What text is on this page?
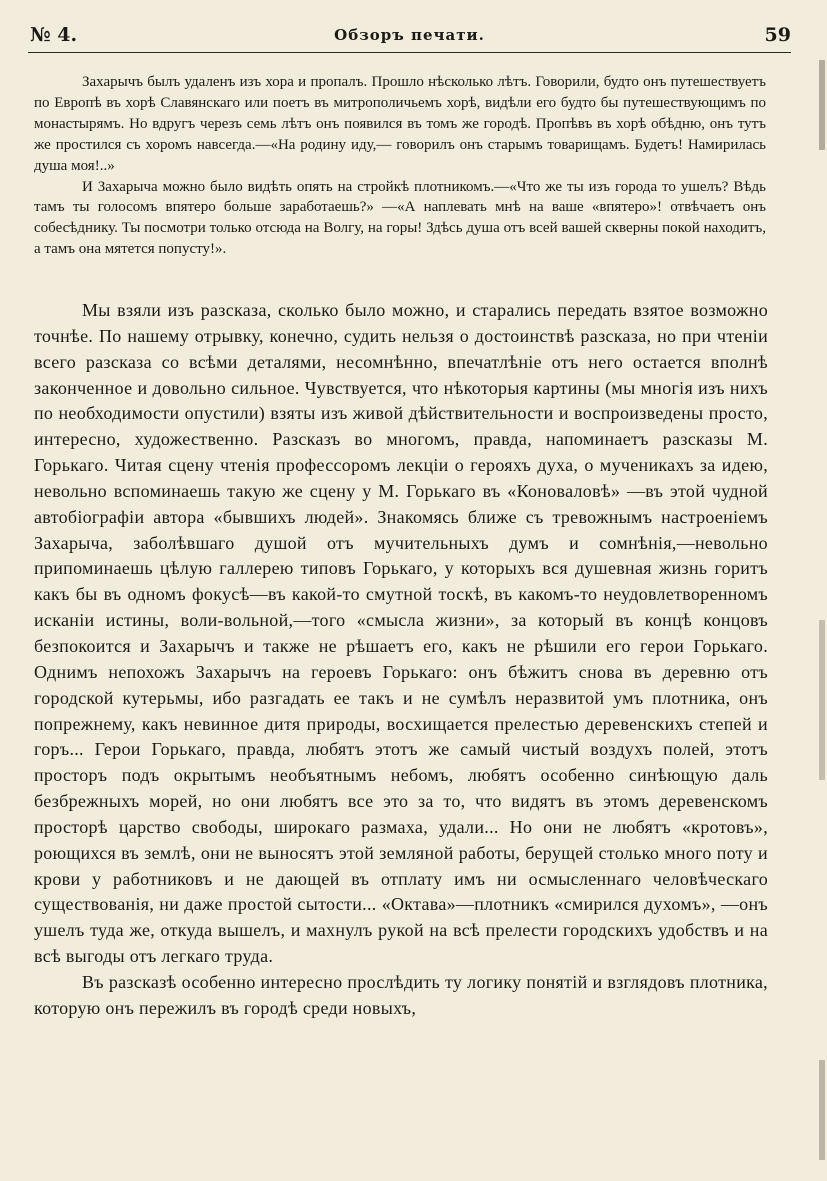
№ 4.	Обзоръ печати.	59

Захарычъ былъ удаленъ изъ хора и пропалъ. Прошло нѣсколько лѣтъ. Говорили, будто онъ путешествуетъ по Европѣ въ хорѣ Славянскаго или поетъ въ митрополичьемъ хорѣ, видѣли его будто бы путешествующимъ по монастырямъ. Но вдругъ черезъ семь лѣтъ онъ появился въ томъ же городѣ. Пропѣвъ въ хорѣ обѣдню, онъ тутъ же простился съ хоромъ навсегда.—«На родину иду,— говорилъ онъ старымъ товарищамъ. Будетъ! Намирилась душа моя!..»

И Захарыча можно было видѣть опять на стройкѣ плотникомъ.—«Что же ты изъ города то ушелъ? Вѣдь тамъ ты голосомъ впятеро больше заработаешь?» —«А наплевать мнѣ на ваше «впятеро»! отвѣчаетъ онъ собесѣднику. Ты посмотри только отсюда на Волгу, на горы! Здѣсь душа отъ всей вашей скверны покой находитъ, а тамъ она мятется попусту!».

Мы взяли изъ разсказа, сколько было можно, и старались передать взятое возможно точнѣе. По нашему отрывку, конечно, судить нельзя о достоинствѣ разсказа, но при чтеніи всего разсказа со всѣми деталями, несомнѣнно, впечатлѣніе отъ него остается вполнѣ законченное и довольно сильное. Чувствуется, что нѣкоторыя картины (мы многія изъ нихъ по необходимости опустили) взяты изъ живой дѣйствительности и воспроизведены просто, интересно, художественно. Разсказъ во многомъ, правда, напоминаетъ разсказы М. Горькаго. Читая сцену чтенія профессоромъ лекціи о герояхъ духа, о мученикахъ за идею, невольно вспоминаешь такую же сцену у М. Горькаго въ «Коноваловѣ» —въ этой чудной автобіографіи автора «бывшихъ людей». Знакомясь ближе съ тревожнымъ настроеніемъ Захарыча, заболѣвшаго душой отъ мучительныхъ думъ и сомнѣнія,—невольно припоминаешь цѣлую галлерею типовъ Горькаго, у которыхъ вся душевная жизнь горитъ какъ бы въ одномъ фокусѣ—въ какой-то смутной тоскѣ, въ какомъ-то неудовлетворенномъ исканіи истины, воли-вольной,—того «смысла жизни», за который въ концѣ концовъ безпокоится и Захарычъ и также не рѣшаетъ его, какъ не рѣшили его герои Горькаго. Однимъ непохожъ Захарычъ на героевъ Горькаго: онъ бѣжитъ снова въ деревню отъ городской кутерьмы, ибо разгадать ее такъ и не сумѣлъ неразвитой умъ плотника, онъ попрежнему, какъ невинное дитя природы, восхищается прелестью деревенскихъ степей и горъ... Герои Горькаго, правда, любятъ этотъ же самый чистый воздухъ полей, этотъ просторъ подъ окрытымъ необъятнымъ небомъ, любятъ особенно синѣющую даль безбрежныхъ морей, но они любятъ все это за то, что видятъ въ этомъ деревенскомъ просторѣ царство свободы, широкаго размаха, удали... Но они не любятъ «кротовъ», роющихся въ землѣ, они не выносятъ этой земляной работы, берущей столько много поту и крови у работниковъ и не дающей въ отплату имъ ни осмысленнаго человѣческаго существованія, ни даже простой сытости... «Октава»—плотникъ «смирился духомъ», —онъ ушелъ туда же, откуда вышелъ, и махнулъ рукой на всѣ прелести городскихъ удобствъ и на всѣ выгоды отъ легкаго труда.

Въ разсказѣ особенно интересно прослѣдить ту логику понятій и взглядовъ плотника, которую онъ пережилъ въ городѣ среди новыхъ,
